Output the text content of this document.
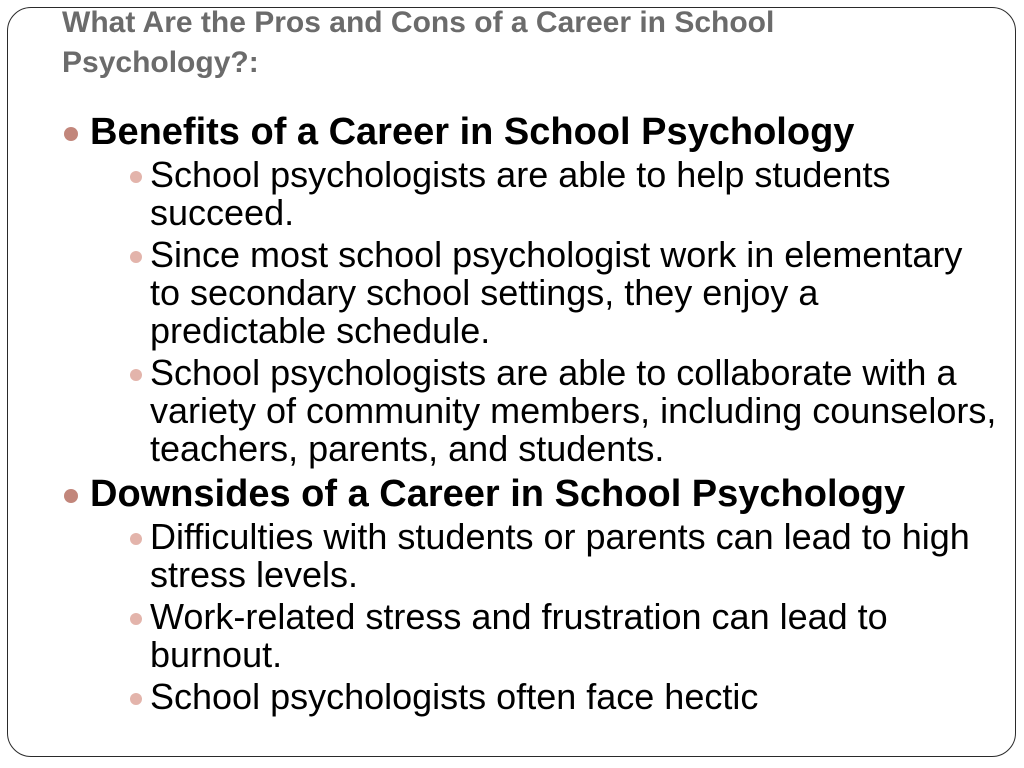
What Are the Pros and Cons of a Career in School Psychology?:
Benefits of a Career in School Psychology
School psychologists are able to help students succeed.
Since most school psychologist work in elementary to secondary school settings, they enjoy a predictable schedule.
School psychologists are able to collaborate with a variety of community members, including counselors, teachers, parents, and students.
Downsides of a Career in School Psychology
Difficulties with students or parents can lead to high stress levels.
Work-related stress and frustration can lead to burnout.
School psychologists often face hectic
